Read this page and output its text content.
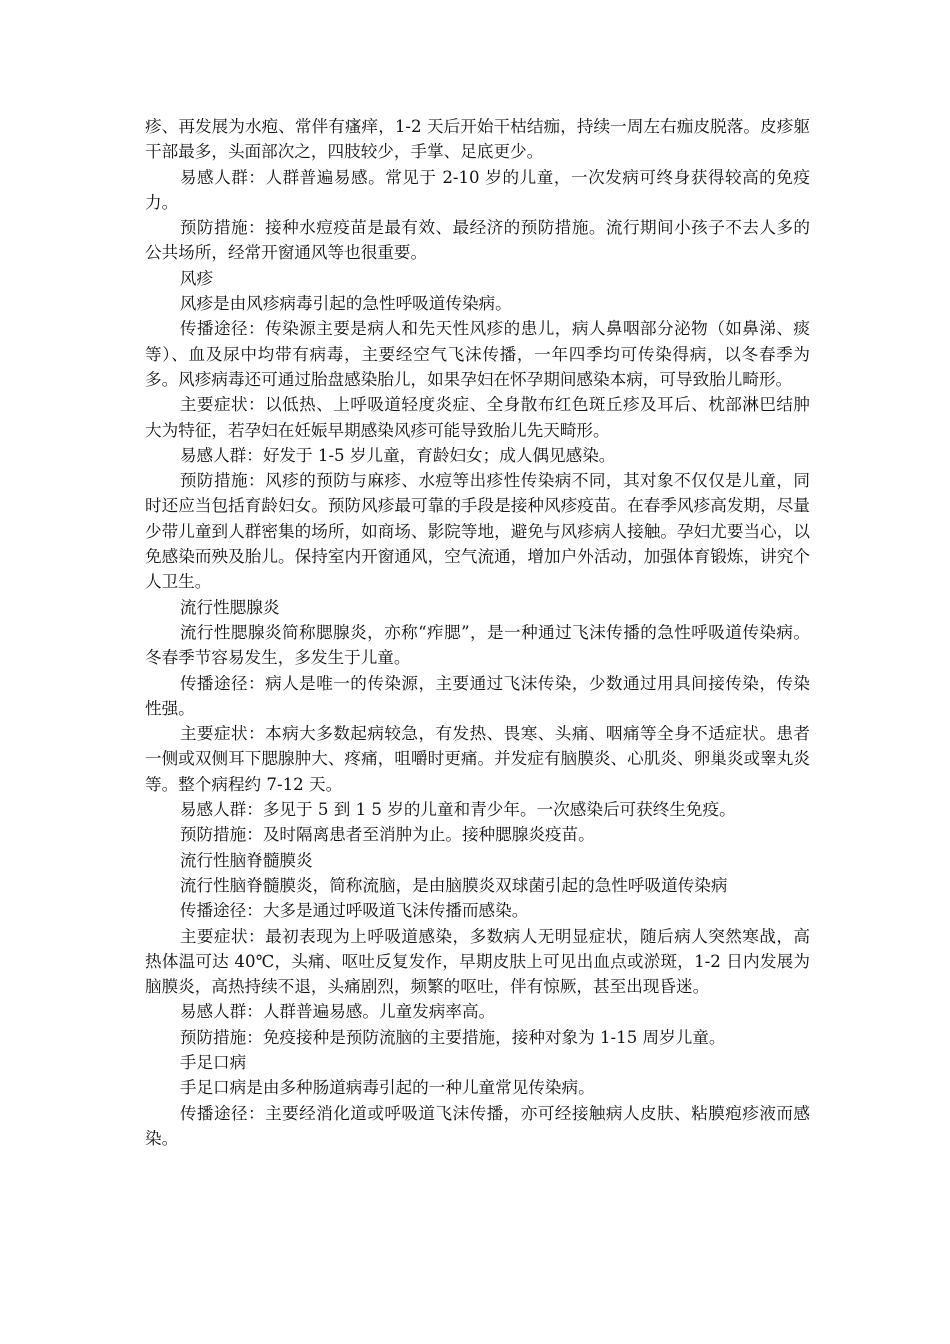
疹、再发展为水疱、常伴有瘙痒，1-2 天后开始干枯结痂，持续一周左右痂皮脱落。皮疹躯干部最多，头面部次之，四肢较少，手掌、足底更少。

易感人群：人群普遍易感。常见于 2-10 岁的儿童，一次发病可终身获得较高的免疫力。

预防措施：接种水痘疫苗是最有效、最经济的预防措施。流行期间小孩子不去人多的公共场所，经常开窗通风等也很重要。

风疹

风疹是由风疹病毒引起的急性呼吸道传染病。

传播途径：传染源主要是病人和先天性风疹的患儿，病人鼻咽部分泌物（如鼻涕、痰等）、血及尿中均带有病毒，主要经空气飞沫传播，一年四季均可传染得病，以冬春季为多。风疹病毒还可通过胎盘感染胎儿，如果孕妇在怀孕期间感染本病，可导致胎儿畸形。

主要症状：以低热、上呼吸道轻度炎症、全身散布红色斑丘疹及耳后、枕部淋巴结肿大为特征，若孕妇在妊娠早期感染风疹可能导致胎儿先天畸形。

易感人群：好发于 1-5 岁儿童，育龄妇女；成人偶见感染。

预防措施：风疹的预防与麻疹、水痘等出疹性传染病不同，其对象不仅仅是儿童，同时还应当包括育龄妇女。预防风疹最可靠的手段是接种风疹疫苗。在春季风疹高发期，尽量少带儿童到人群密集的场所，如商场、影院等地，避免与风疹病人接触。孕妇尤要当心，以免感染而殃及胎儿。保持室内开窗通风，空气流通，增加户外活动，加强体育锻炼，讲究个人卫生。

流行性腮腺炎

流行性腮腺炎简称腮腺炎，亦称“痄腮”，是一种通过飞沫传播的急性呼吸道传染病。冬春季节容易发生，多发生于儿童。

传播途径：病人是唯一的传染源，主要通过飞沫传染，少数通过用具间接传染，传染性强。

主要症状：本病大多数起病较急，有发热、畏寒、头痛、咽痛等全身不适症状。患者一侧或双侧耳下腮腺肿大、疼痛，咀嚼时更痛。并发症有脑膜炎、心肌炎、卵巢炎或睾丸炎等。整个病程约 7-12 天。

易感人群：多见于 5 到 1 5 岁的儿童和青少年。一次感染后可获终生免疫。

预防措施：及时隔离患者至消肿为止。接种腮腺炎疫苗。

流行性脑脊髓膜炎

流行性脑脊髓膜炎，简称流脑，是由脑膜炎双球菌引起的急性呼吸道传染病

传播途径：大多是通过呼吸道飞沫传播而感染。

主要症状：最初表现为上呼吸道感染，多数病人无明显症状，随后病人突然寒战，高热体温可达 40℃，头痛、呕吐反复发作，早期皮肤上可见出血点或淤斑，1-2 日内发展为脑膜炎，高热持续不退，头痛剧烈，频繁的呕吐，伴有惊厥，甚至出现昏迷。

易感人群：人群普遍易感。儿童发病率高。

预防措施：免疫接种是预防流脑的主要措施，接种对象为 1-15 周岁儿童。

手足口病

手足口病是由多种肠道病毒引起的一种儿童常见传染病。

传播途径：主要经消化道或呼吸道飞沫传播，亦可经接触病人皮肤、粘膜疱疹液而感染。
